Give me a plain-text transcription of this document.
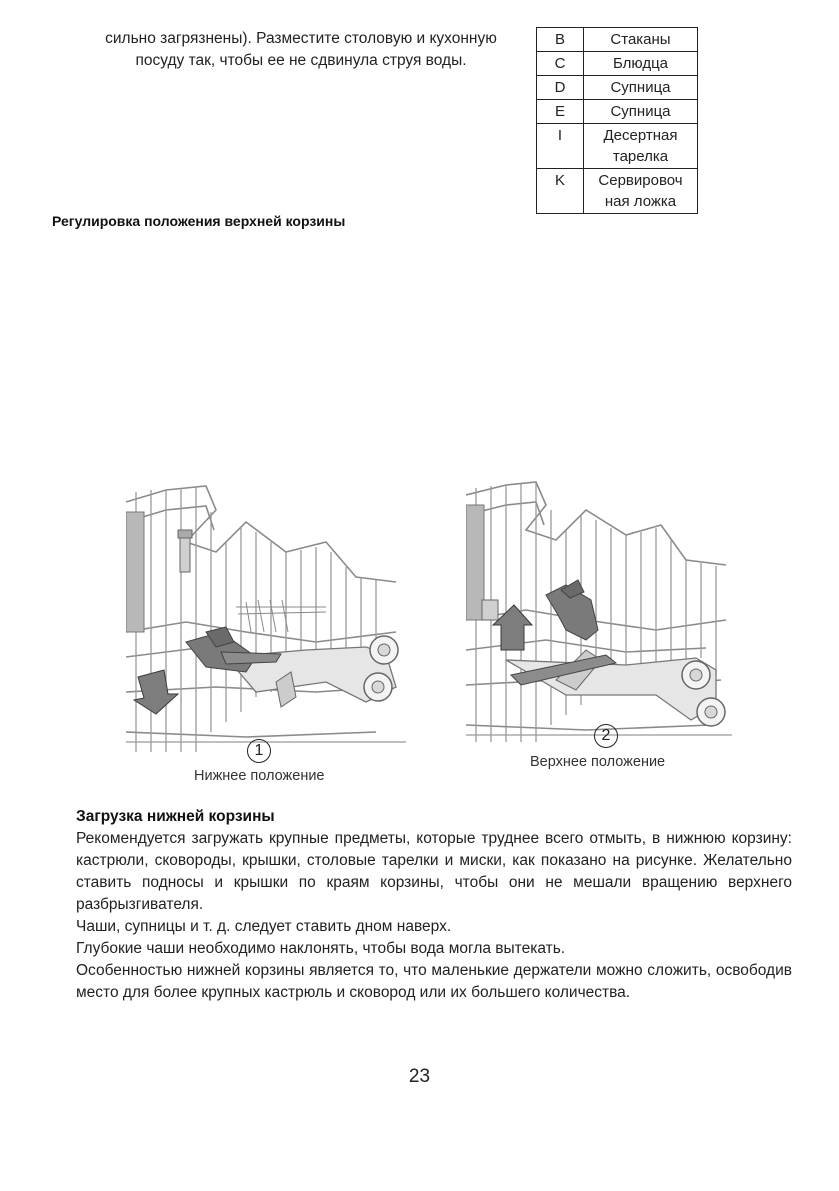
сильно загрязнены). Разместите столовую и кухонную
посуду так, чтобы ее не сдвинула струя воды.
B	Стаканы
C	Блюдца
D	Супница
E	Супница
I	Десертная тарелка
K	Сервировоч ная ложка
Регулировка положения верхней корзины
1
Нижнее положение
2
Верхнее положение
Загрузка нижней корзины

Рекомендуется загружать крупные предметы, которые труднее всего отмыть, в нижнюю корзину: кастрюли, сковороды, крышки, столовые тарелки и миски, как показано на рисунке. Желательно ставить подносы и крышки по краям корзины, чтобы они не мешали вращению верхнего разбрызгивателя.

Чаши, супницы и т. д. следует ставить дном наверх.

Глубокие чаши необходимо наклонять, чтобы вода могла вытекать.

Особенностью нижней корзины является то, что маленькие держатели можно сложить, освободив место для более крупных кастрюль и сковород или их большего количества.

23
